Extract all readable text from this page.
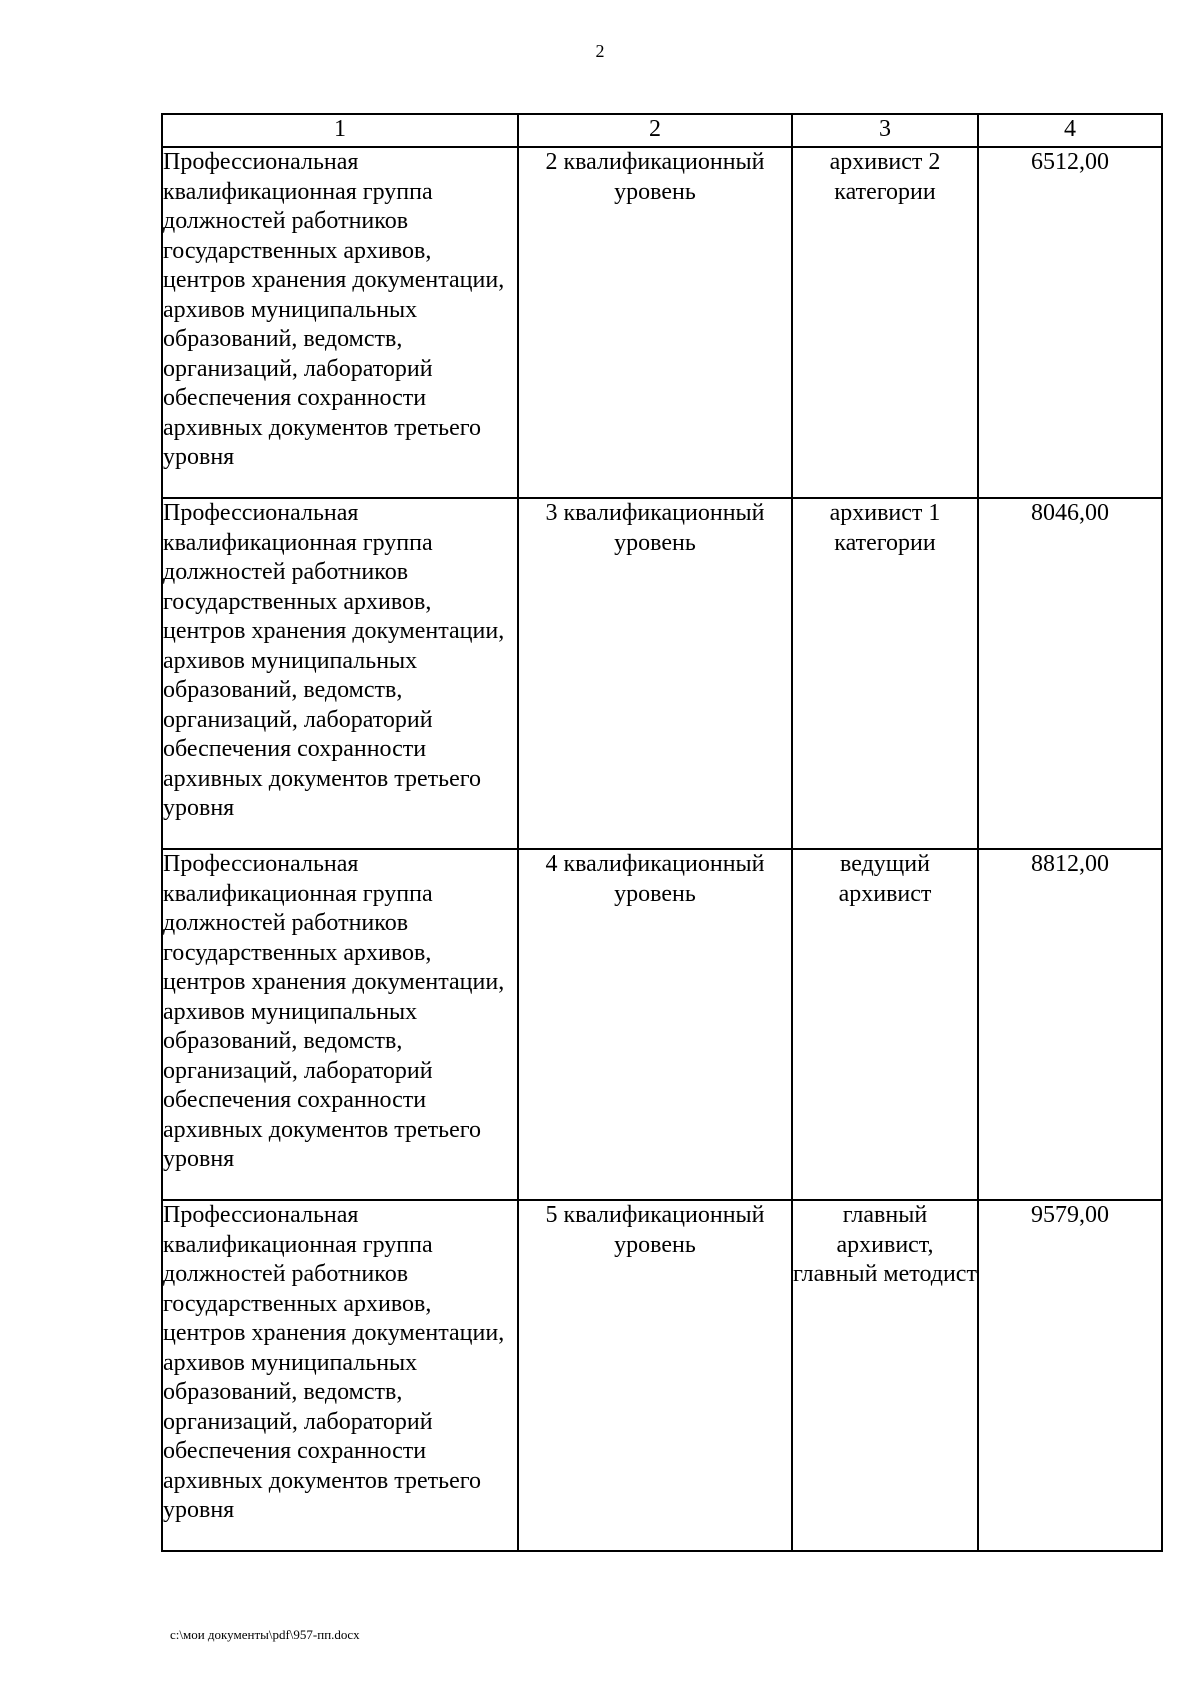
2
1	2	3	4
Профессиональная квалификационная группа должностей работников государственных архивов, центров хранения документации, архивов муниципальных образований, ведомств, организаций, лабораторий обеспечения сохранности архивных документов третьего уровня	2 квалификационный уровень	архивист 2 категории	6512,00
Профессиональная квалификационная группа должностей работников государственных архивов, центров хранения документации, архивов муниципальных образований, ведомств, организаций, лабораторий обеспечения сохранности архивных документов третьего уровня	3 квалификационный уровень	архивист 1 категории	8046,00
Профессиональная квалификационная группа должностей работников государственных архивов, центров хранения документации, архивов муниципальных образований, ведомств, организаций, лабораторий обеспечения сохранности архивных документов третьего уровня	4 квалификационный уровень	ведущий архивист	8812,00
Профессиональная квалификационная группа должностей работников государственных архивов, центров хранения документации, архивов муниципальных образований, ведомств, организаций, лабораторий обеспечения сохранности архивных документов третьего уровня	5 квалификационный уровень	главный архивист, главный методист	9579,00
c:\мои документы\pdf\957-пп.docx
